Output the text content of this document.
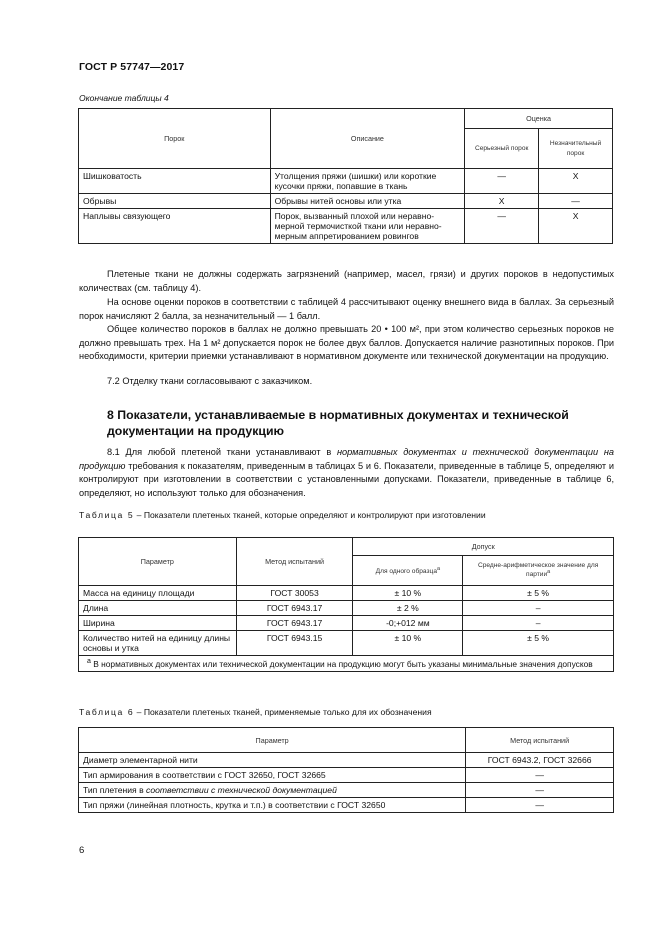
ГОСТ Р 57747—2017
Окончание таблицы 4
Порок	Описание	Оценка	
		Серьезный порок	Незначительный порок
Шишковатость	Утолщения пряжи (шишки) или короткие кусочки пряжи, попавшие в ткань	—	X
Обрывы	Обрывы нитей основы или утка	X	—
Наплывы связующего	Порок, вызванный плохой или неравномерной термочисткой ткани или неравномерным аппретированием ровингов	—	X

Плетеные ткани не должны содержать загрязнений (например, масел, грязи) и других пороков в недопустимых количествах (см. таблицу 4).

На основе оценки пороков в соответствии с таблицей 4 рассчитывают оценку внешнего вида в баллах. За серьезный порок начисляют 2 балла, за незначительный — 1 балл.

Общее количество пороков в баллах не должно превышать 20 • 100 м², при этом количество серьезных пороков не должно превышать трех. На 1 м² допускается порок не более двух баллов. Допускается наличие разнотипных пороков. При необходимости, критерии приемки устанавливают в нормативном документе или технической документации на продукцию.

7.2 Отделку ткани согласовывают с заказчиком.

8 Показатели, устанавливаемые в нормативных документах и технической документации на продукцию

8.1 Для любой плетеной ткани устанавливают в нормативных документах и технической документации на продукцию требования к показателям, приведенным в таблицах 5 и 6. Показатели, приведенные в таблице 5, определяют и контролируют при изготовлении в соответствии с установленными допусками. Показатели, приведенные в таблице 6, определяют, но используют только для обозначения.

Таблица 5 – Показатели плетеных тканей, которые определяют и контролируют при изготовлении
Параметр	Метод испытаний	Допуск	
		Для одного образца$^a$	Средне-арифметическое значение для партии$^a$
Масса на единицу площади	ГОСТ 30053	± 10 %	± 5 %
Длина	ГОСТ 6943.17	± 2 %	–
Ширина	ГОСТ 6943.17	-0;+012 мм	–
Количество нитей на единицу длины основы и утка	ГОСТ 6943.15	± 10 %	± 5 %
$^a$ В нормативных документах или технической документации на продукцию могут быть указаны минимальные значения допусков			
Таблица 6 – Показатели плетеных тканей, применяемые только для их обозначения
Параметр	Метод испытаний
Диаметр элементарной нити	ГОСТ 6943.2, ГОСТ 32666
Тип армирования в соответствии с ГОСТ 32650, ГОСТ 32665	—
Тип плетения в соответствии с технической документацией	—
Тип пряжи (линейная плотность, крутка и т.п.) в соответствии с ГОСТ 32650	—
6
